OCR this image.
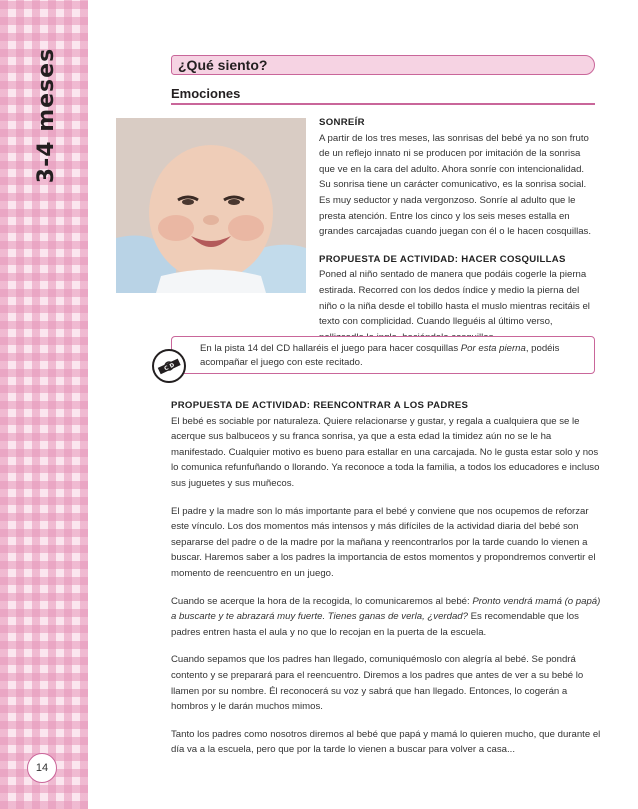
3-4 meses
14
¿Qué siento?
Emociones
SONREÍR

A partir de los tres meses, las sonrisas del bebé ya no son fruto de un reflejo innato ni se producen por imitación de la sonrisa que ve en la cara del adulto. Ahora sonríe con intencionalidad. Su sonrisa tiene un carácter comunicativo, es la sonrisa social. Es muy seductor y nada vergonzoso. Sonríe al adulto que le presta atención. Entre los cinco y los seis meses estalla en grandes carcajadas cuando juegan con él o le hacen cosquillas.

PROPUESTA DE ACTIVIDAD: HACER COSQUILLAS

Poned al niño sentado de manera que podáis cogerle la pierna estirada. Recorred con los dedos índice y medio la pierna del niño o la niña desde el tobillo hasta el muslo mientras recitáis el texto con complicidad. Cuando lleguéis al último verso,

En la pista 14 del CD hallaréis el juego para hacer cosquillas Por esta pierna, podéis acompañar el juego con este recitado.
C D
PROPUESTA DE ACTIVIDAD: REENCONTRAR A LOS PADRES

El bebé es sociable por naturaleza. Quiere relacionarse y gustar, y regala a cualquiera que se le acerque sus balbuceos y su franca sonrisa, ya que a esta edad la timidez aún no se le ha manifestado. Cualquier motivo es bueno para estallar en una carcajada. No le gusta estar solo y nos lo comunica refunfuñando o llorando. Ya reconoce a toda la familia, a todos los educadores e incluso sus juguetes y sus muñecos.

El padre y la madre son lo más importante para el bebé y conviene que nos ocupemos de reforzar este vínculo. Los dos momentos más intensos y más difíciles de la actividad diaria del bebé son separarse del padre o de la madre por la mañana y reencontrarlos por la tarde cuando lo vienen a buscar. Haremos saber a los padres la importancia de estos momentos y propondremos convertir el momento de reencuentro en un juego.

Cuando se acerque la hora de la recogida, lo comunicaremos al bebé: Pronto vendrá mamá (o papá) a buscarte y te abrazará muy fuerte. Tienes ganas de verla, ¿verdad? Es recomendable que los padres entren hasta el aula y no que lo recojan en la puerta de la escuela.

Cuando sepamos que los padres han llegado, comuniquémoslo con alegría al bebé. Se pondrá contento y se preparará para el reencuentro. Diremos a los padres que antes de ver a su bebé lo llamen por su nombre. Él reconocerá su voz y sabrá que han llegado. Entonces, lo cogerán a hombros y le darán muchos mimos.

Tanto los padres como nosotros diremos al bebé que papá y mamá lo quieren mucho, que durante el día va a la escuela, pero que por la tarde lo vienen a buscar para volver a casa...
